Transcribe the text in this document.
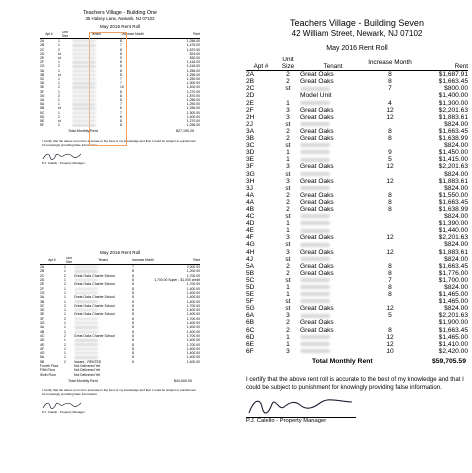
Teachers Village - Building One
35 Halsey Lane, Newark, NJ 07102
May 2016 Rent Roll
Apt #	Unit
Size	Tenant	Increase Month	Rent
2A	1		8	1,256.00
2B	1		7	1,475.00
2C	2		8	1,870.00
2D	st		8	824.00
2E	st		9	830.00
2F	1		8	1,416.00
2G	2		8	1,416.00
3A	1		8	1,256.00
3B	st		8	1,256.00
3C	1		7	1,250.00
3D	1		7	1,300.00
3E	2		10	1,400.00
3F	1		8	1,270.00
3G	2		8	1,870.00
4A	1		8	1,256.00
5A	1		7	1,250.00
5B	st		8	1,256.00
5C	1		7	1,300.00
5D	2		8	1,400.00
5E	st		8	1,270.00
5F	1		8	1,256.00
Total Monthly Rent	$27,190.25
I certify that the above rent roll is accurate to the best of my knowledge and that I could be subject to punishment for knowingly providing false information.
P.J. Calello - Property Manager
May 2016 Rent Roll
Apt #	Unit
Size	Tenant	Increase Month	Rent
2A	1		7	2,000.00
2B	1		8	1,200.00
2C	2	Great Oaks Charter School	8	1,700.00
2D	1		8	1,700.00 Super - $1,000 credit
2E	2	Great Oaks Charter School	8	1,700.00
2F	1		8	1,400.00
2G	1		8	1,400.00
3A	1	Great Oaks Charter School	8	1,400.00
3B	1		8	1,400.00
3C	2	Great Oaks Charter School	8	1,700.00
3D	1		8	1,400.00
3E	1	Great Oaks Charter School	8	1,400.00
3F	2		8	1,700.00
3G	1		8	1,400.00
4A	1		8	1,400.00
4B	1		8	1,400.00
4C	2	Great Oaks Charter School	8	1,700.00
4D	1		8	1,400.00
4E	2		8	1,700.00
4F	1		8	1,400.00
4G	1		8	1,400.00
5A	1		8	1,400.00
5B	2	Vacant - RENTED	8	1,400.00
Fourth Floor		Not Delivered Yet		
Fifth Floor		Not Delivered Yet		
Sixth Floor		Not Delivered Yet		
Total Monthly Rent	$44,600.00
I certify that the above rent roll is accurate to the best of my knowledge and that I could be subject to punishment for knowingly providing false information.
P.J. Calello - Property Manager
Teachers Village - Building Seven
42 William Street, Newark, NJ 07102
May 2016 Rent Roll

Apt #	Unit
Size	Tenant	Increase Month	Rent
2A	2	Great Oaks	8	$1,687.91
2B	2	Great Oaks	8	$1,663.45
2C	st		7	$800.00
2D		Model Unit		$1,400.00
2E	1		4	$1,300.00
2F	3	Great Oaks	12	$2,201.63
2H	3	Great Oaks	12	$1,883.61
2J	st			$824.00
3A	2	Great Oaks	8	$1,663.45
3B	2	Great Oaks	8	$1,638.99
3C	st			$824.00
3D	1		9	$1,450.00
3E	1		5	$1,415.00
3F	3	Great Oaks	12	$2,201.63
3G	st			$824.00
3H	3	Great Oaks	12	$1,883.61
3J	st			$824.00
4A	2	Great Oaks	8	$1,550.00
4A	2	Great Oaks	8	$1,663.45
4B	2	Great Oaks	8	$1,638.99
4C	st			$824.00
4D	1			$1,390.00
4E	1			$1,440.00
4F	3	Great Oaks	12	$2,201.63
4G	st			$824.00
4H	3	Great Oaks	12	$1,883.61
4J	st			$824.00
5A	2	Great Oaks	8	$1,663.45
5B	2	Great Oaks	8	$1,776.00
5C	st		7	$1,700.00
5D	1		8	$824.00
5E	1		8	$1,465.00
5F	st			$1,465.00
5G	st	Great Oaks	12	$824.00
6A	3		5	$2,201.63
6B	2	Great Oaks		$1,900.00
6C	2	Great Oaks	8	$1,663.45
6D	1		12	$1,465.00
6E	1		12	$1,410.00
6F	3		10	$2,420.00
Total Monthly Rent	$59,705.59
I certify that the above rent roll is accurate to the best of my knowledge and that I could be subject to punishment for knowingly providing false information.
P.J. Calello - Property Manager
